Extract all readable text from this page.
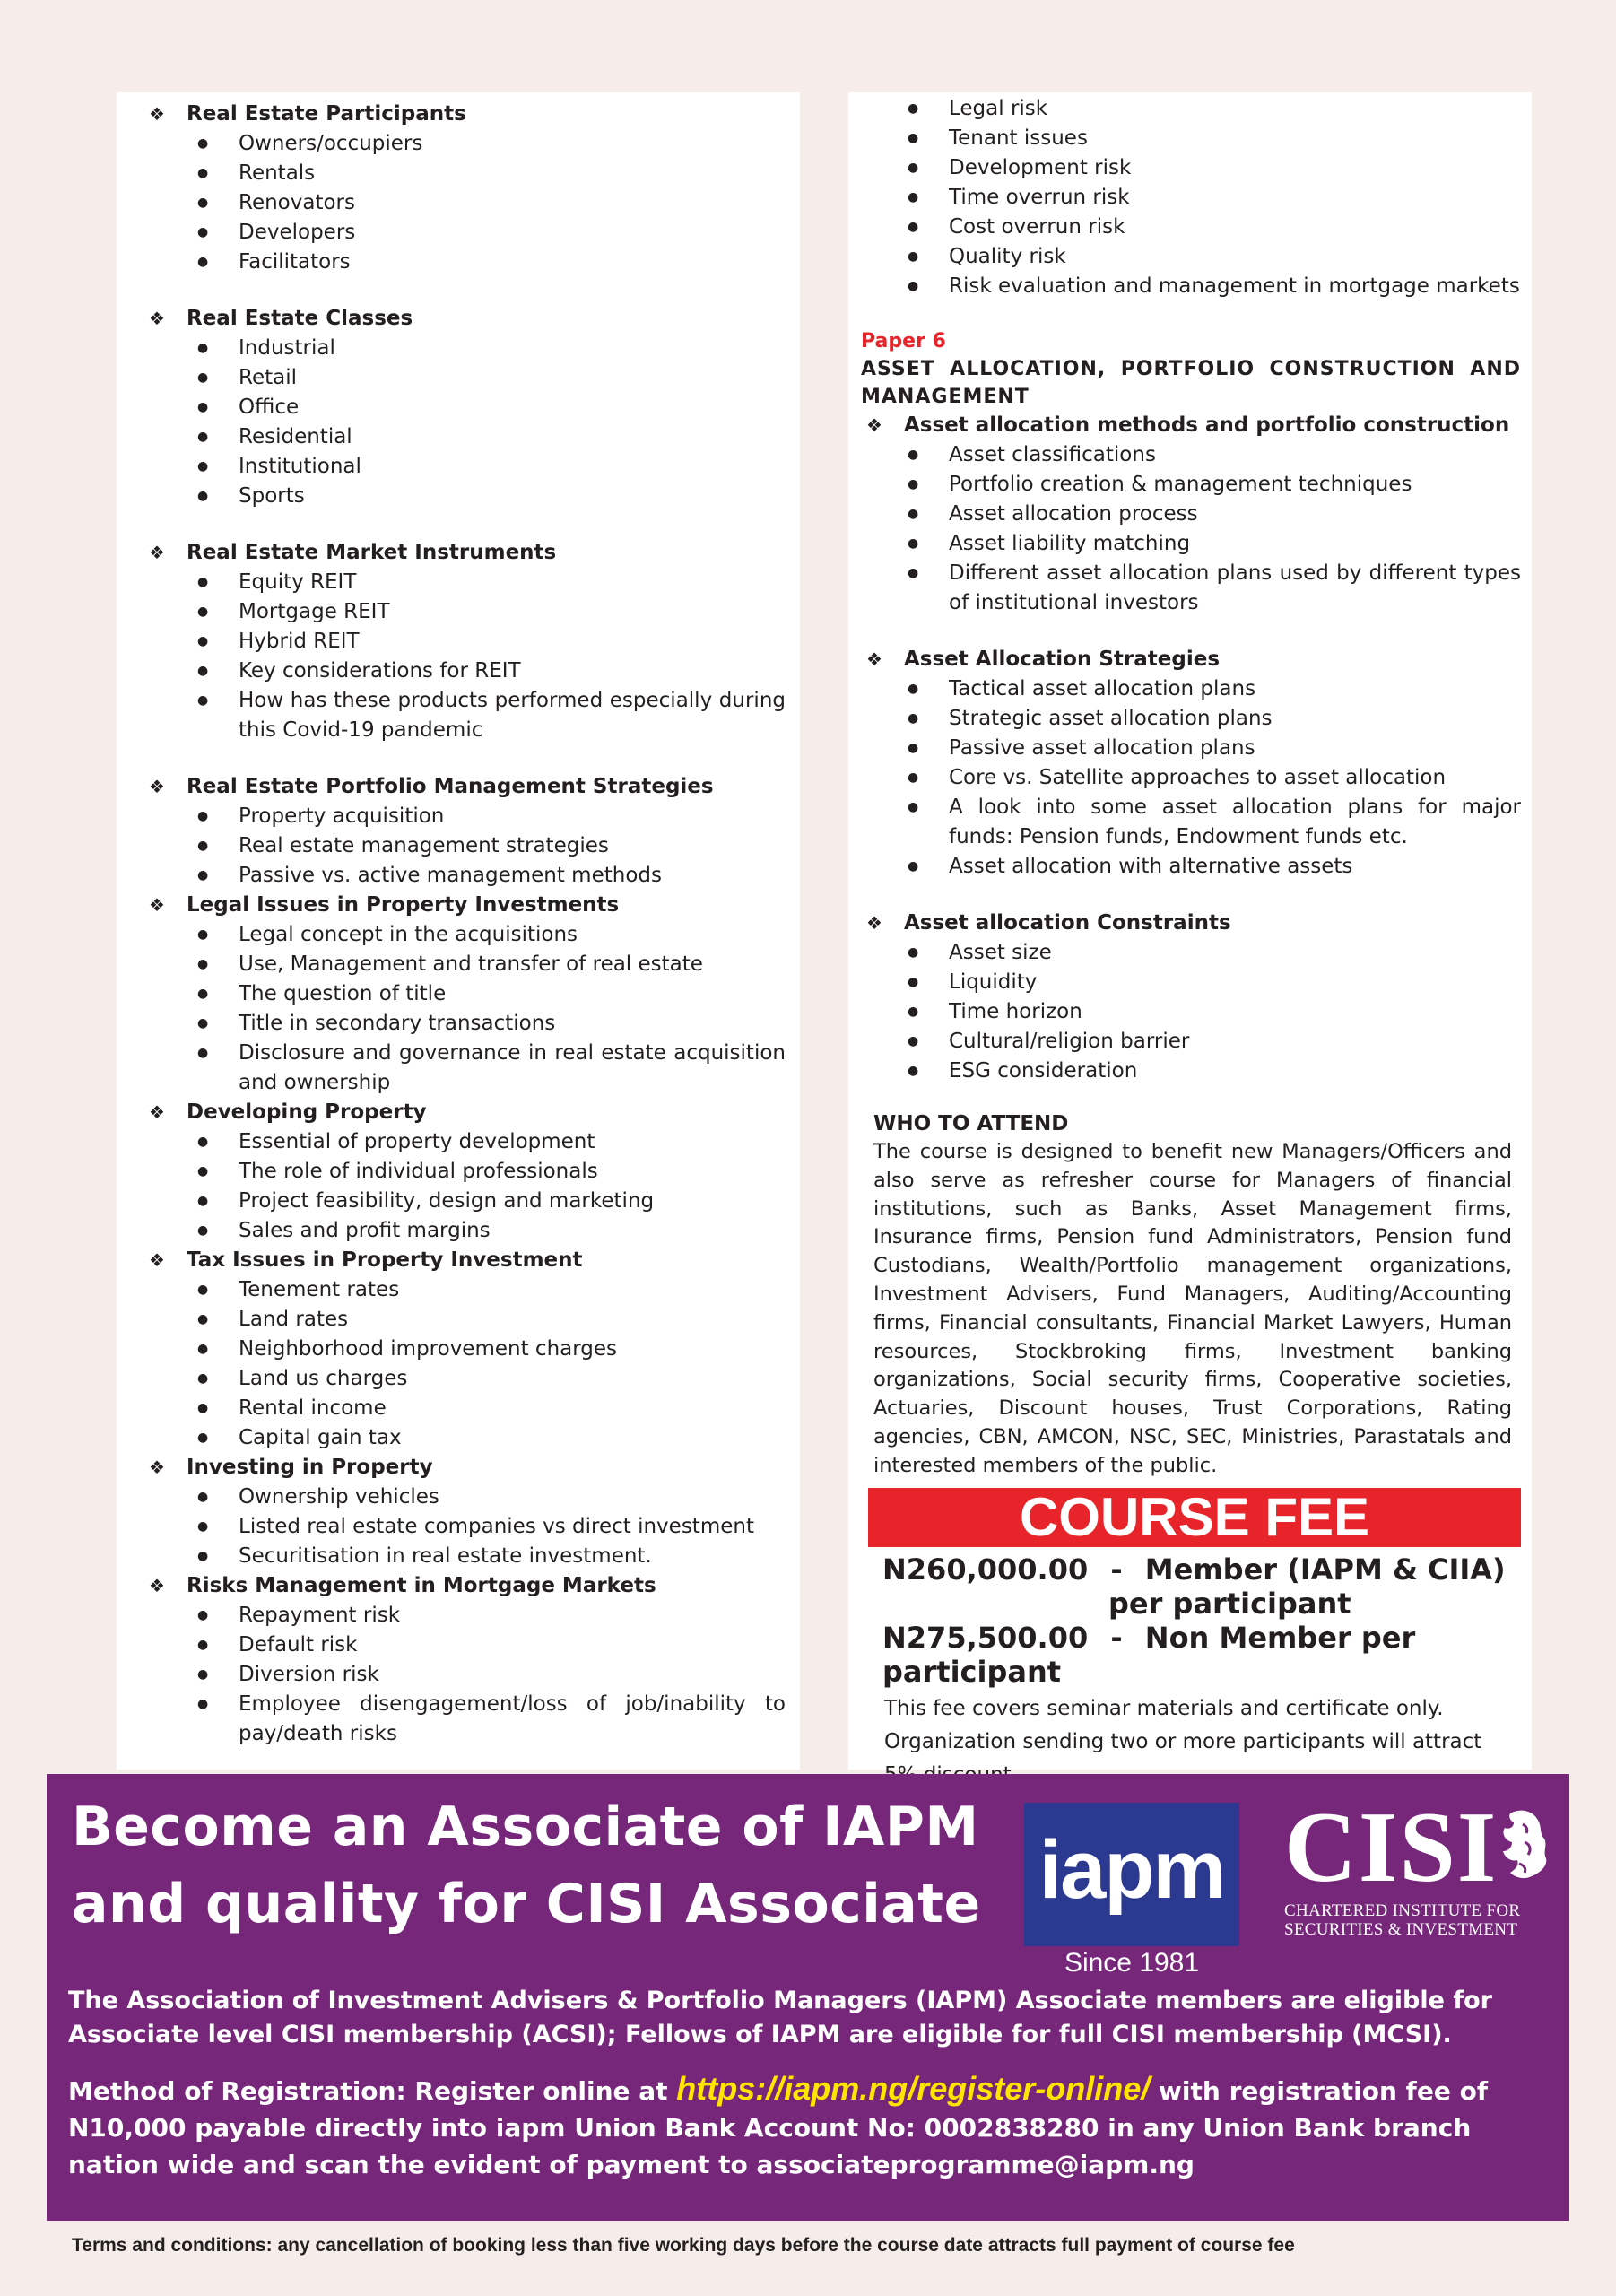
❖ Real Estate Participants
● Owners/occupiers
● Rentals
● Renovators
● Developers
● Facilitators
❖ Real Estate Classes
● Industrial
● Retail
● Office
● Residential
● Institutional
● Sports
❖ Real Estate Market Instruments
● Equity REIT
● Mortgage REIT
● Hybrid REIT
● Key considerations for REIT
● How has these products performed especially during this Covid-19 pandemic
❖ Real Estate Portfolio Management Strategies
● Property acquisition
● Real estate management strategies
● Passive vs. active management methods
❖ Legal Issues in Property Investments
● Legal concept in the acquisitions
● Use, Management and transfer of real estate
● The question of title
● Title in secondary transactions
● Disclosure and governance in real estate acquisition and ownership
❖ Developing Property
● Essential of property development
● The role of individual professionals
● Project feasibility, design and marketing
● Sales and profit margins
❖ Tax Issues in Property Investment
● Tenement rates
● Land rates
● Neighborhood improvement charges
● Land us charges
● Rental income
● Capital gain tax
❖ Investing in Property
● Ownership vehicles
● Listed real estate companies vs direct investment
● Securitisation in real estate investment.
❖ Risks Management in Mortgage Markets
● Repayment risk
● Default risk
● Diversion risk
● Employee disengagement/loss of job/inability to pay/death risks
● Legal risk
● Tenant issues
● Development risk
● Time overrun risk
● Cost overrun risk
● Quality risk
● Risk evaluation and management in mortgage markets
Paper 6
ASSET ALLOCATION, PORTFOLIO CONSTRUCTION AND MANAGEMENT
❖ Asset allocation methods and portfolio construction
● Asset classifications
● Portfolio creation & management techniques
● Asset allocation process
● Asset liability matching
● Different asset allocation plans used by different types of institutional investors
❖ Asset Allocation Strategies
● Tactical asset allocation plans
● Strategic asset allocation plans
● Passive asset allocation plans
● Core vs. Satellite approaches to asset allocation
● A look into some asset allocation plans for major funds: Pension funds, Endowment funds etc.
● Asset allocation with alternative assets
❖ Asset allocation Constraints
● Asset size
● Liquidity
● Time horizon
● Cultural/religion barrier
● ESG consideration
WHO TO ATTEND
The course is designed to benefit new Managers/Officers and also serve as refresher course for Managers of financial institutions, such as Banks, Asset Management firms, Insurance firms, Pension fund Administrators, Pension fund Custodians, Wealth/Portfolio management organizations, Investment Advisers, Fund Managers, Auditing/Accounting firms, Financial consultants, Financial Market Lawyers, Human resources, Stockbroking firms, Investment banking organizations, Social security firms, Cooperative societies, Actuaries, Discount houses, Trust Corporations, Rating agencies, CBN, AMCON, NSC, SEC, Ministries, Parastatals and interested members of the public.
COURSE FEE
N260,000.00 - Member (IAPM & CIIA)
per participant
N275,500.00 - Non Member per participant
This fee covers seminar materials and certificate only.
Organization sending two or more participants will attract
Become an Associate of IAPM
and quality for CISI Associate iapm
Since 1981
CISI
CHARTERED INSTITUTE FOR
SECURITIES & INVESTMENT
The Association of Investment Advisers & Portfolio Managers (IAPM) Associate members are eligible for Associate level CISI membership (ACSI); Fellows of IAPM are eligible for full CISI membership (MCSI).
Method of Registration: Register online at https://iapm.ng/register-online/ with registration fee of N10,000 payable directly into iapm Union Bank Account No: 0002838280 in any Union Bank branch nation wide and scan the evident of payment to associateprogramme@iapm.ng
Terms and conditions: any cancellation of booking less than five working days before the course date attracts full payment of course fee
